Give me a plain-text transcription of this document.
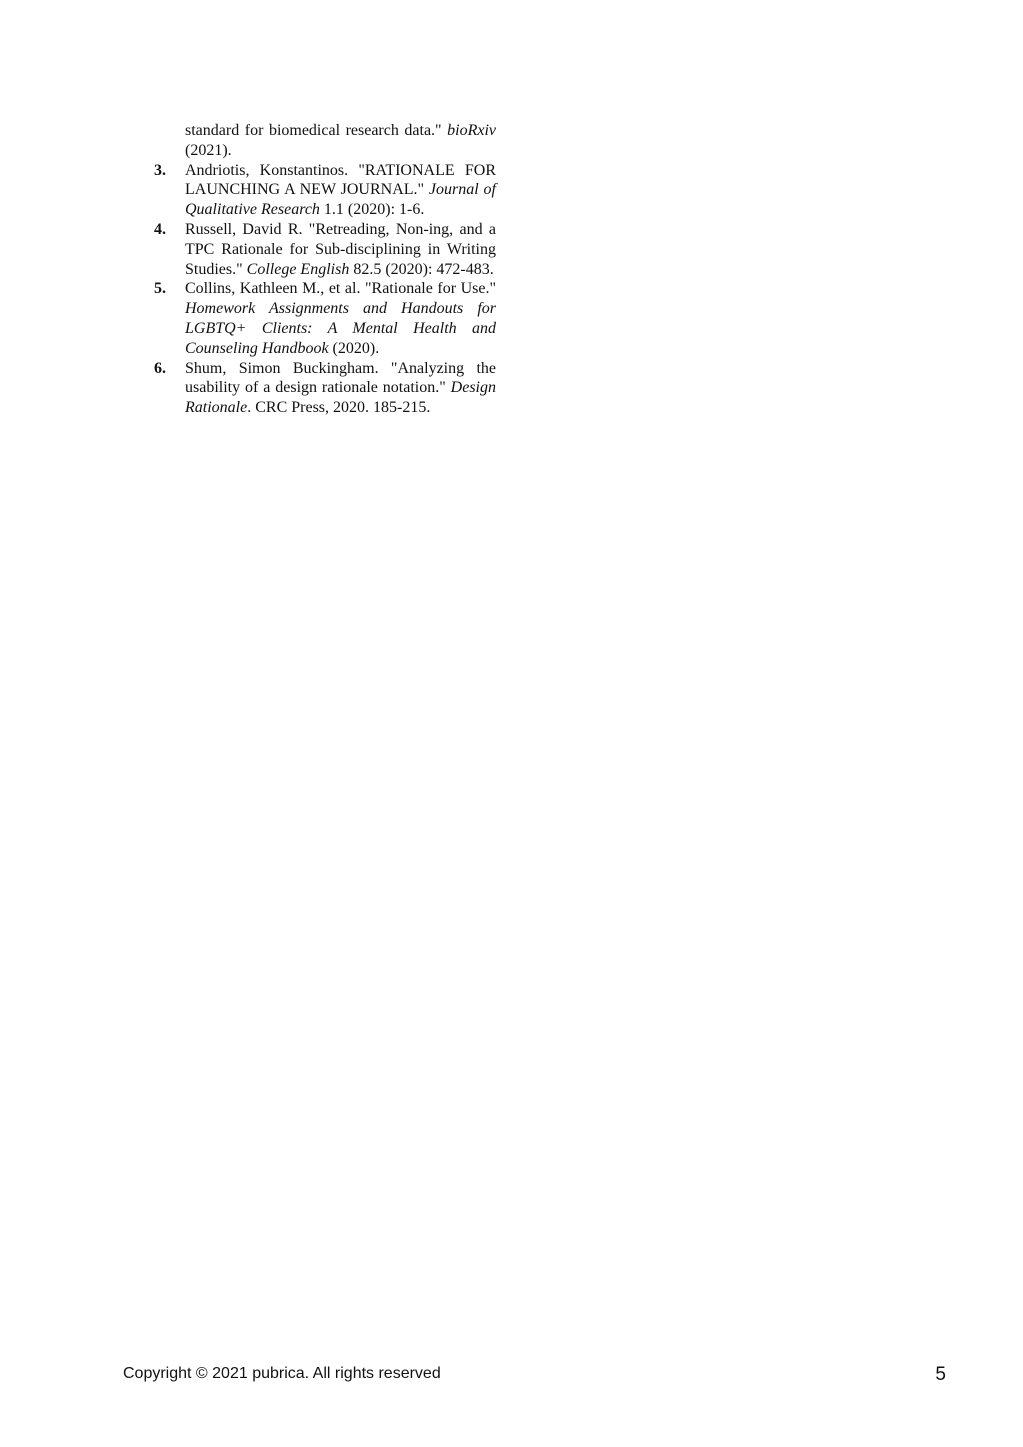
standard for biomedical research data." bioRxiv (2021).
3.	Andriotis, Konstantinos. "RATIONALE FOR LAUNCHING A NEW JOURNAL." Journal of Qualitative Research 1.1 (2020): 1-6.
4.	Russell, David R. "Retreading, Non-ing, and a TPC Rationale for Sub-disciplining in Writing Studies." College English 82.5 (2020): 472-483.
5.	Collins, Kathleen M., et al. "Rationale for Use." Homework Assignments and Handouts for LGBTQ+ Clients: A Mental Health and Counseling Handbook (2020).
6.	Shum, Simon Buckingham. "Analyzing the usability of a design rationale notation." Design Rationale. CRC Press, 2020. 185-215.
Copyright © 2021 pubrica. All rights reserved	5
